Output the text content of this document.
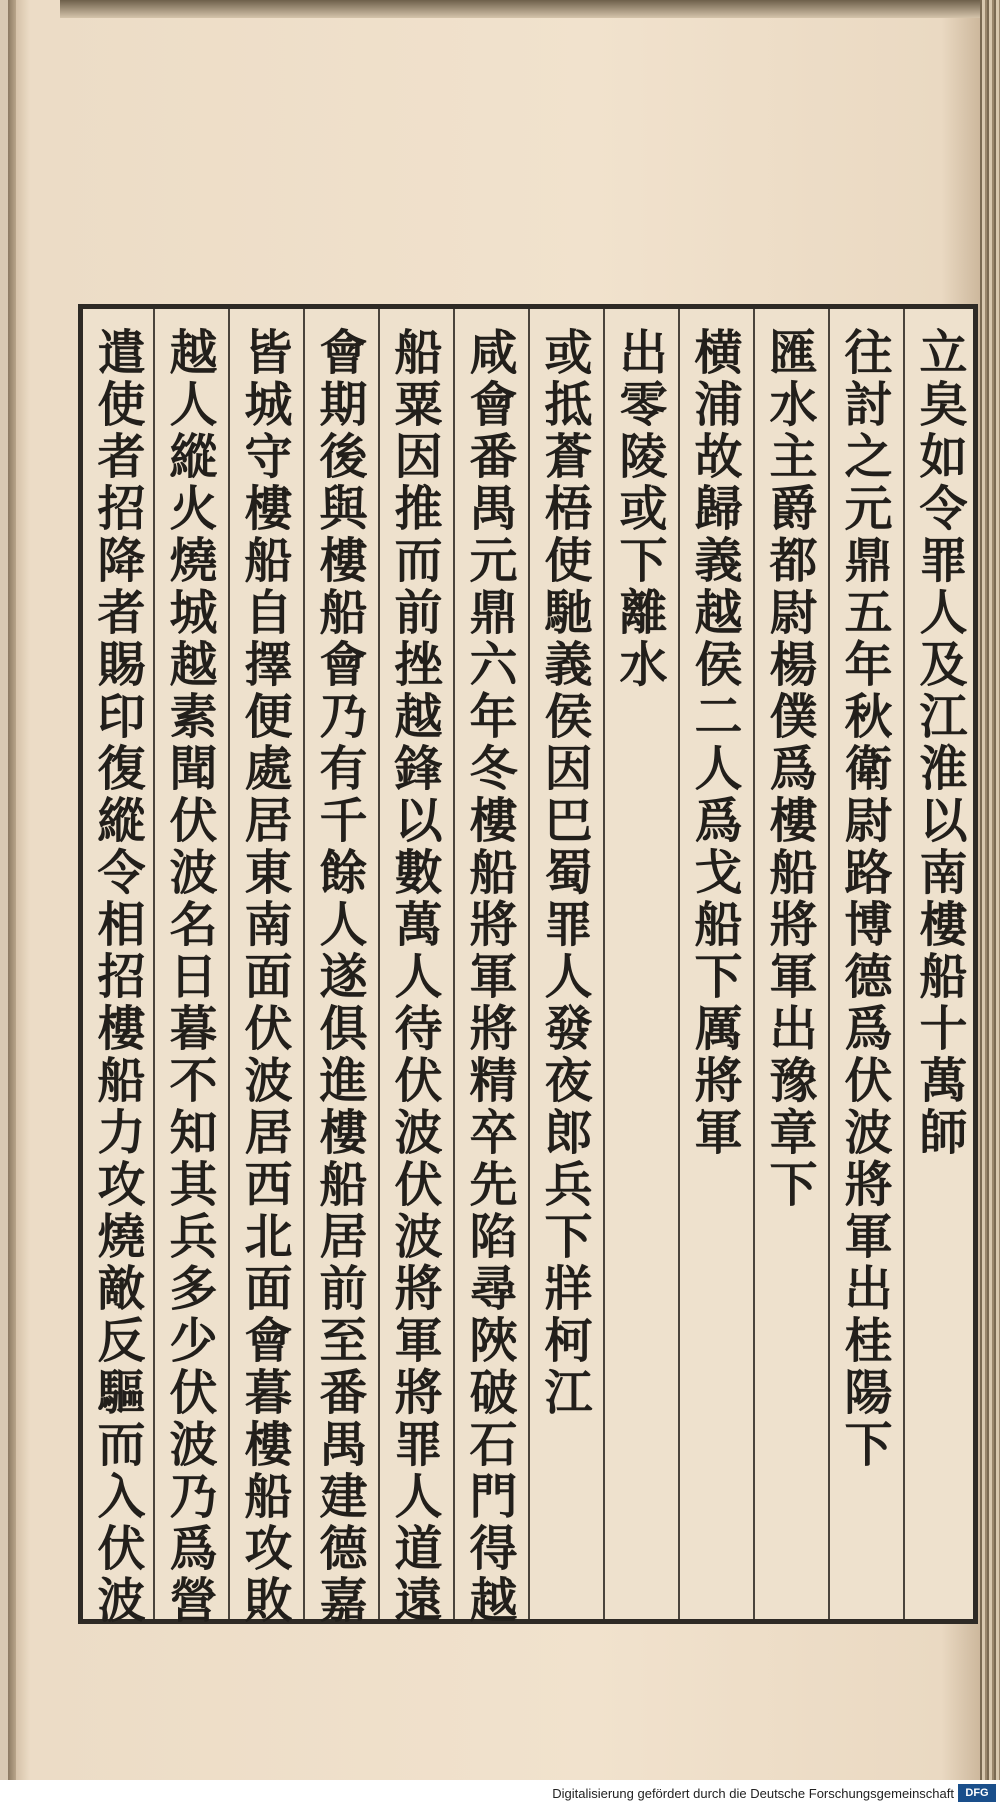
立㚖如令罪人及江淮以南樓船十萬師
往討之元鼎五年秋衛尉路博德爲伏波將軍出桂陽下
匯水主爵都尉楊僕爲樓船將軍出豫章下
横浦故歸義越侯二人爲戈船下厲將軍
出零陵或下離水
或抵蒼梧使馳義侯因巴蜀罪人發夜郎兵下牂柯江
咸會番禺元鼎六年冬樓船將軍將精卒先陷尋陜破石門得越
船粟因推而前挫越鋒以數萬人待伏波伏波將軍將罪人道遠
會期後與樓船會乃有千餘人遂俱進樓船居前至番禺建德嘉
皆城守樓船自擇便處居東南面伏波居西北面會暮樓船攻敗
越人縱火燒城越素聞伏波名日暮不知其兵多少伏波乃爲營
遣使者招降者賜印復縱令相招樓船力攻燒敵反驅而入伏波
Digitalisierung gefördert durch die Deutsche Forschungsgemeinschaft	DFG
